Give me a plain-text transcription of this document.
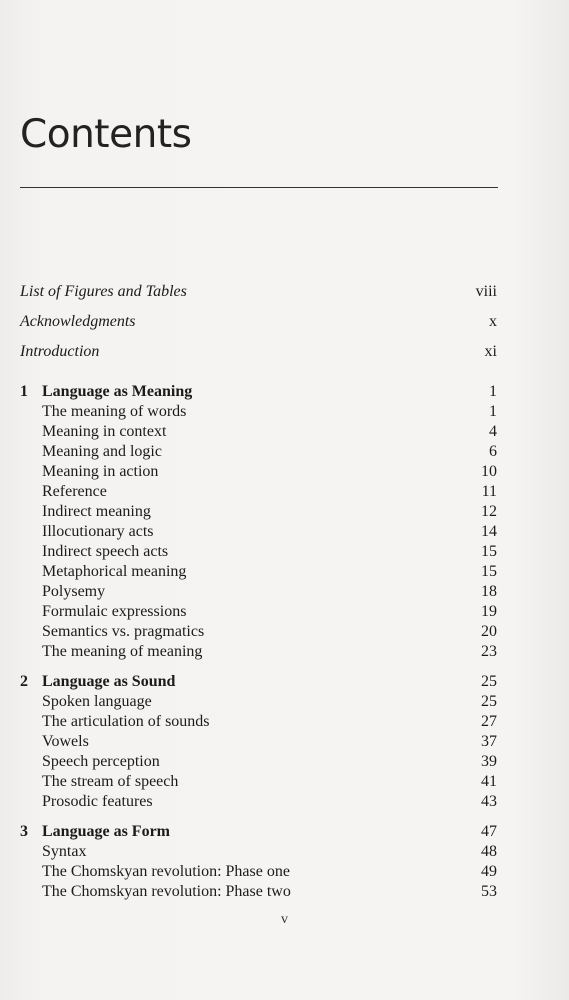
Contents
List of Figures and Tables	viii
Acknowledgments	x
Introduction	xi
1 Language as Meaning	1
The meaning of words	1
Meaning in context	4
Meaning and logic	6
Meaning in action	10
Reference	11
Indirect meaning	12
Illocutionary acts	14
Indirect speech acts	15
Metaphorical meaning	15
Polysemy	18
Formulaic expressions	19
Semantics vs. pragmatics	20
The meaning of meaning	23
2 Language as Sound	25
Spoken language	25
The articulation of sounds	27
Vowels	37
Speech perception	39
The stream of speech	41
Prosodic features	43
3 Language as Form	47
Syntax	48
The Chomskyan revolution: Phase one	49
The Chomskyan revolution: Phase two	53
v
